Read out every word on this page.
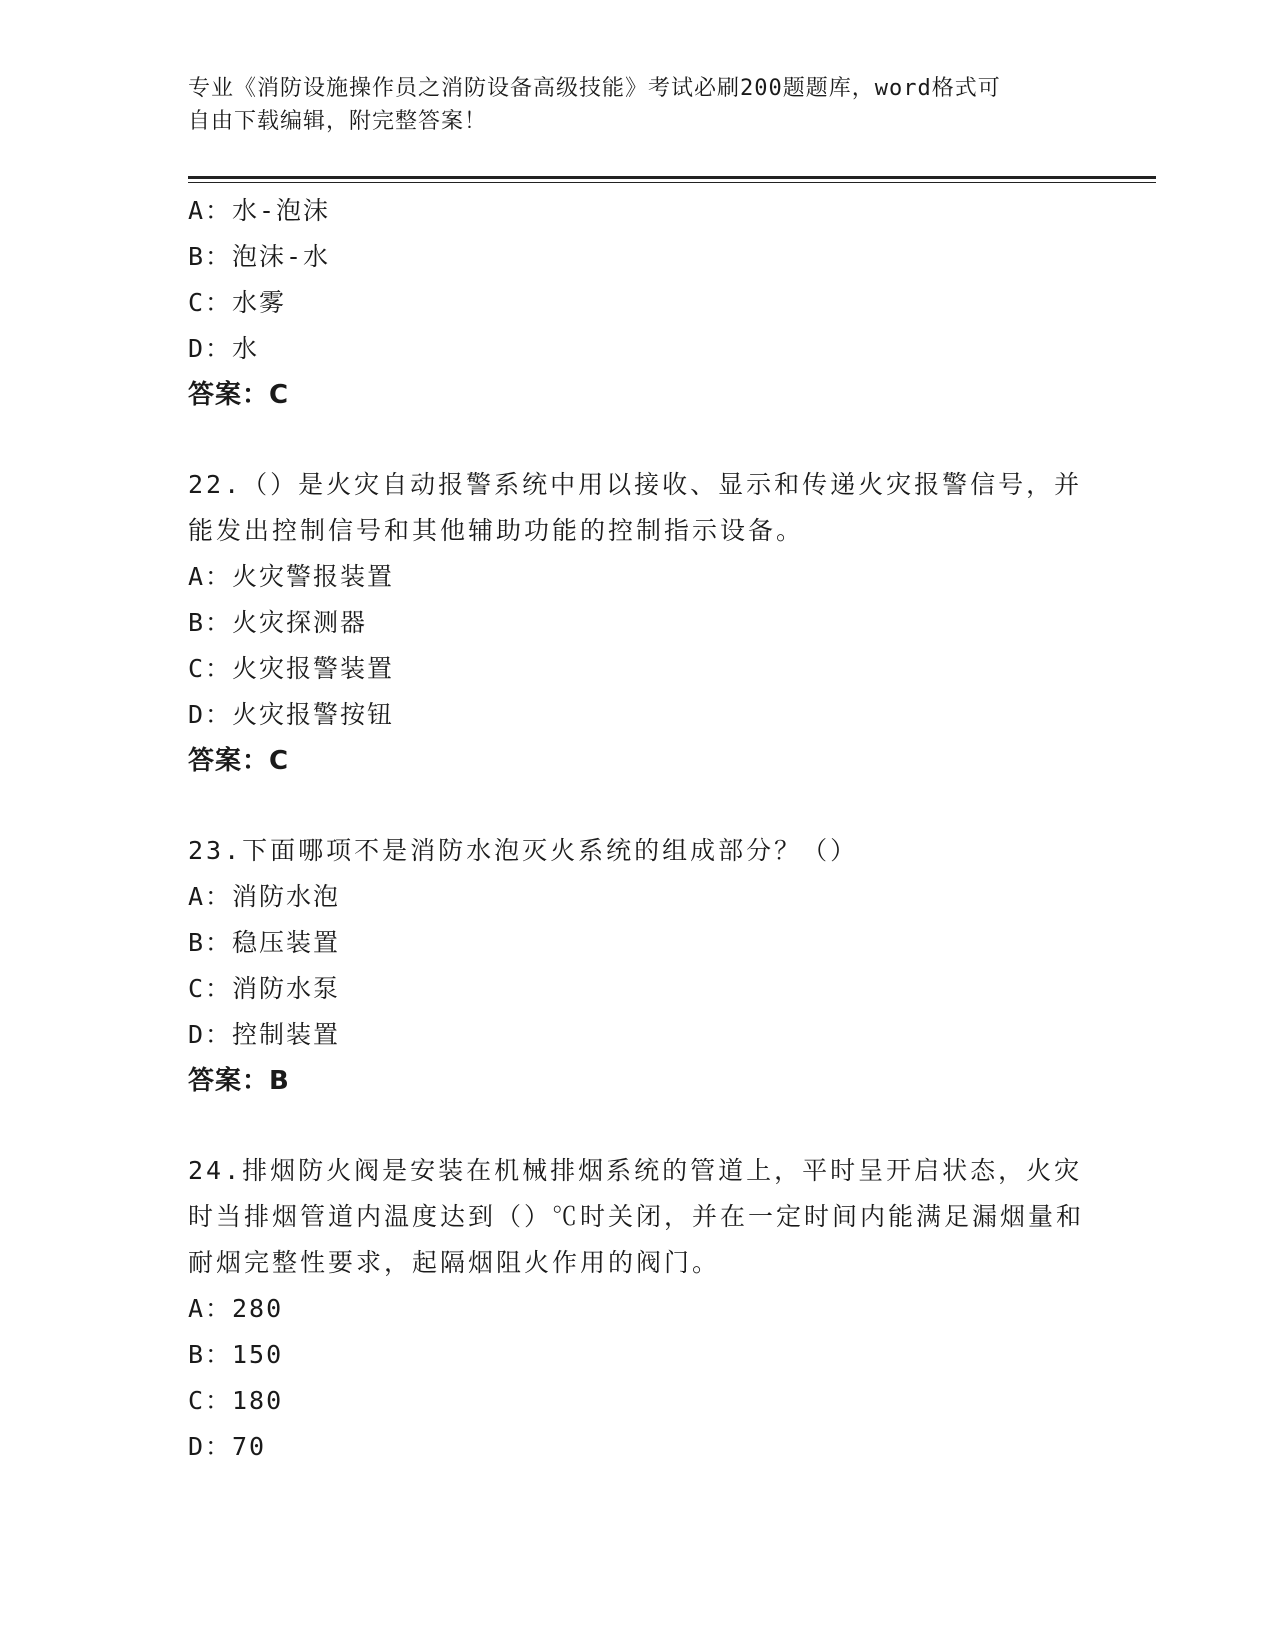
专业《消防设施操作员之消防设备高级技能》考试必刷200题题库，word格式可
自由下载编辑，附完整答案！
A：水-泡沫
B：泡沫-水
C：水雾
D：水
答案：C
22.（）是火灾自动报警系统中用以接收、显示和传递火灾报警信号，并能发出控制信号和其他辅助功能的控制指示设备。
A：火灾警报装置
B：火灾探测器
C：火灾报警装置
D：火灾报警按钮
答案：C
23.下面哪项不是消防水泡灭火系统的组成部分？（）
A：消防水泡
B：稳压装置
C：消防水泵
D：控制装置
答案：B
24.排烟防火阀是安装在机械排烟系统的管道上，平时呈开启状态，火灾时当排烟管道内温度达到（）℃时关闭，并在一定时间内能满足漏烟量和耐烟完整性要求，起隔烟阻火作用的阀门。
A：280
B：150
C：180
D：70
